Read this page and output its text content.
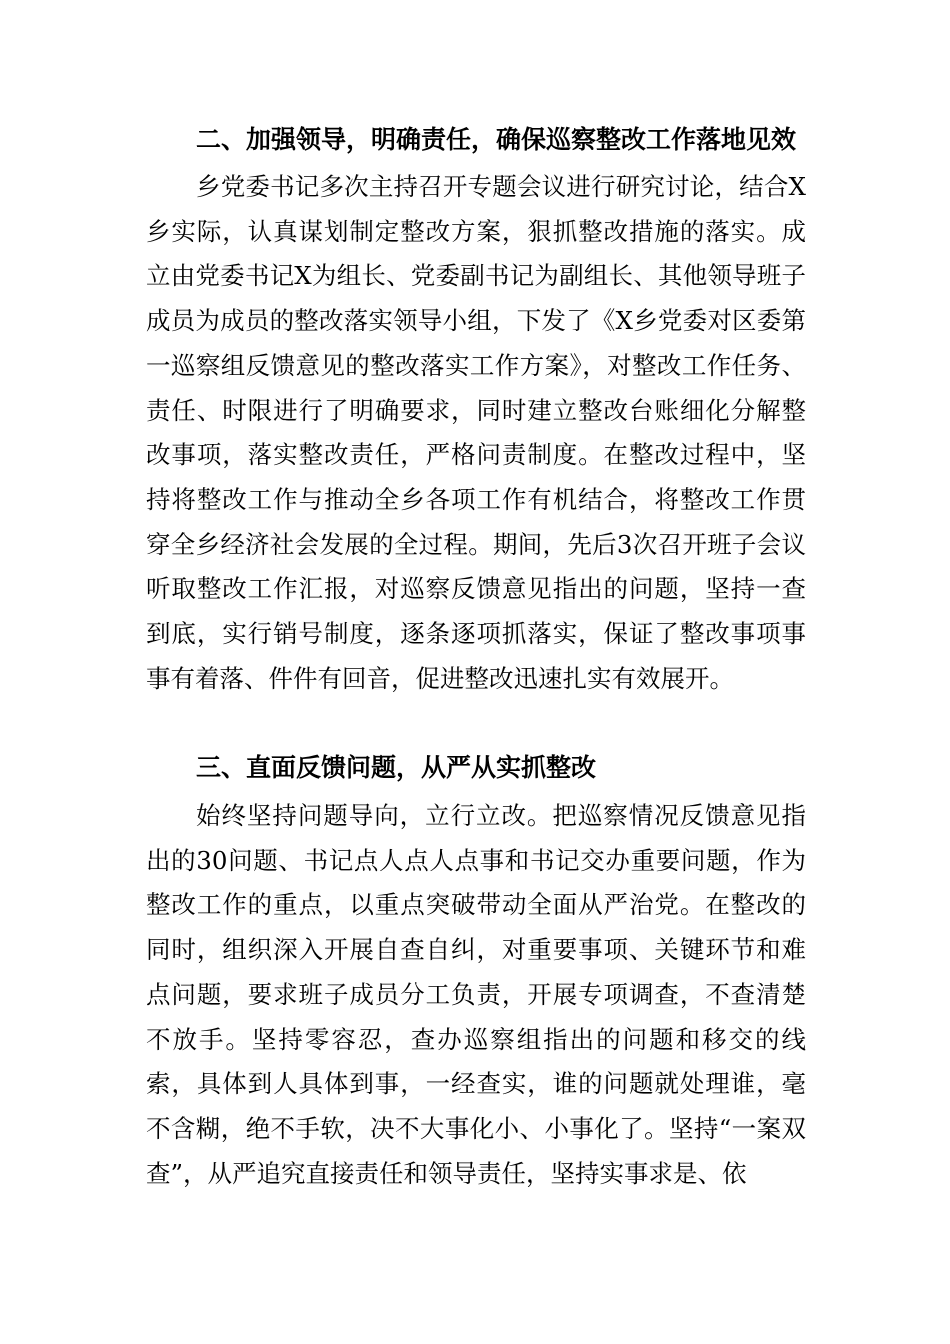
二、加强领导，明确责任，确保巡察整改工作落地见效

乡党委书记多次主持召开专题会议进行研究讨论，结合X乡实际，认真谋划制定整改方案，狠抓整改措施的落实。成立由党委书记X为组长、党委副书记为副组长、其他领导班子成员为成员的整改落实领导小组，下发了《X乡党委对区委第一巡察组反馈意见的整改落实工作方案》，对整改工作任务、责任、时限进行了明确要求，同时建立整改台账细化分解整改事项，落实整改责任，严格问责制度。在整改过程中，坚持将整改工作与推动全乡各项工作有机结合，将整改工作贯穿全乡经济社会发展的全过程。期间，先后3次召开班子会议听取整改工作汇报，对巡察反馈意见指出的问题，坚持一查到底，实行销号制度，逐条逐项抓落实，保证了整改事项事事有着落、件件有回音，促进整改迅速扎实有效展开。

三、直面反馈问题，从严从实抓整改

始终坚持问题导向，立行立改。把巡察情况反馈意见指出的30问题、书记点人点人点事和书记交办重要问题，作为整改工作的重点，以重点突破带动全面从严治党。在整改的同时，组织深入开展自查自纠，对重要事项、关键环节和难点问题，要求班子成员分工负责，开展专项调查，不查清楚不放手。坚持零容忍，查办巡察组指出的问题和移交的线索，具体到人具体到事，一经查实，谁的问题就处理谁，毫不含糊，绝不手软，决不大事化小、小事化了。坚持“一案双查”，从严追究直接责任和领导责任，坚持实事求是、依
